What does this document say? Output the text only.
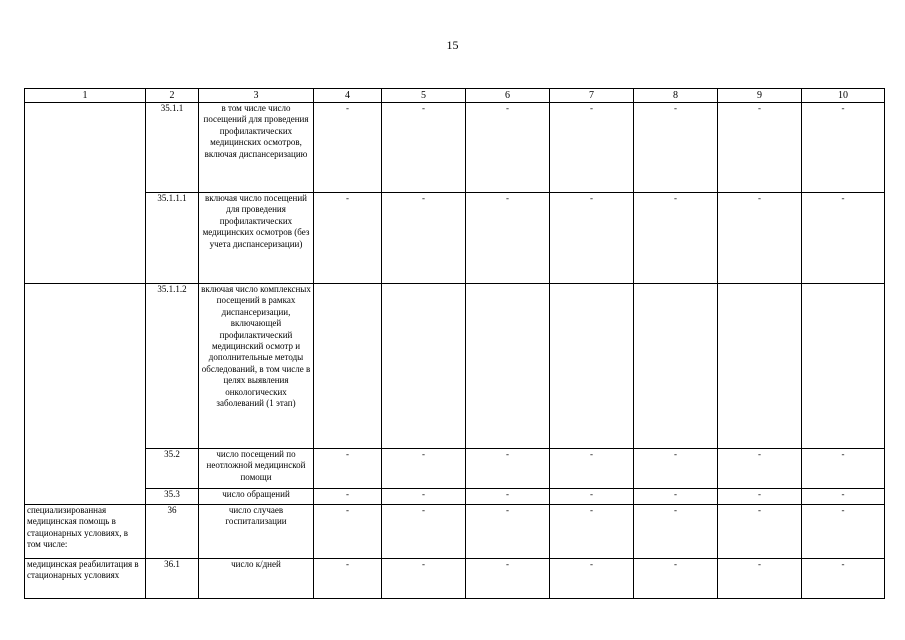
15
1	2	3	4	5	6	7	8	9	10
	35.1.1	в том числе число посещений для проведения профилактических медицинских осмотров, включая диспансеризацию	-	-	-	-	-	-	-
	35.1.1.1	включая число посещений для проведения профилактических медицинских осмотров (без учета диспансеризации)	-	-	-	-	-	-	-
	35.1.1.2	включая число комплексных посещений в рамках диспансеризации, включающей профилактический медицинский осмотр и дополнительные методы обследований, в том числе в целях выявления онкологических заболеваний (1 этап)							
	35.2	число посещений по неотложной медицинской помощи	-	-	-	-	-	-	-
	35.3	число обращений	-	-	-	-	-	-	-
специализированная медицинская помощь в стационарных условиях, в том числе:	36	число случаев госпитализации	-	-	-	-	-	-	-
медицинская реабилитация в стационарных условиях	36.1	число к/дней	-	-	-	-	-	-	-
